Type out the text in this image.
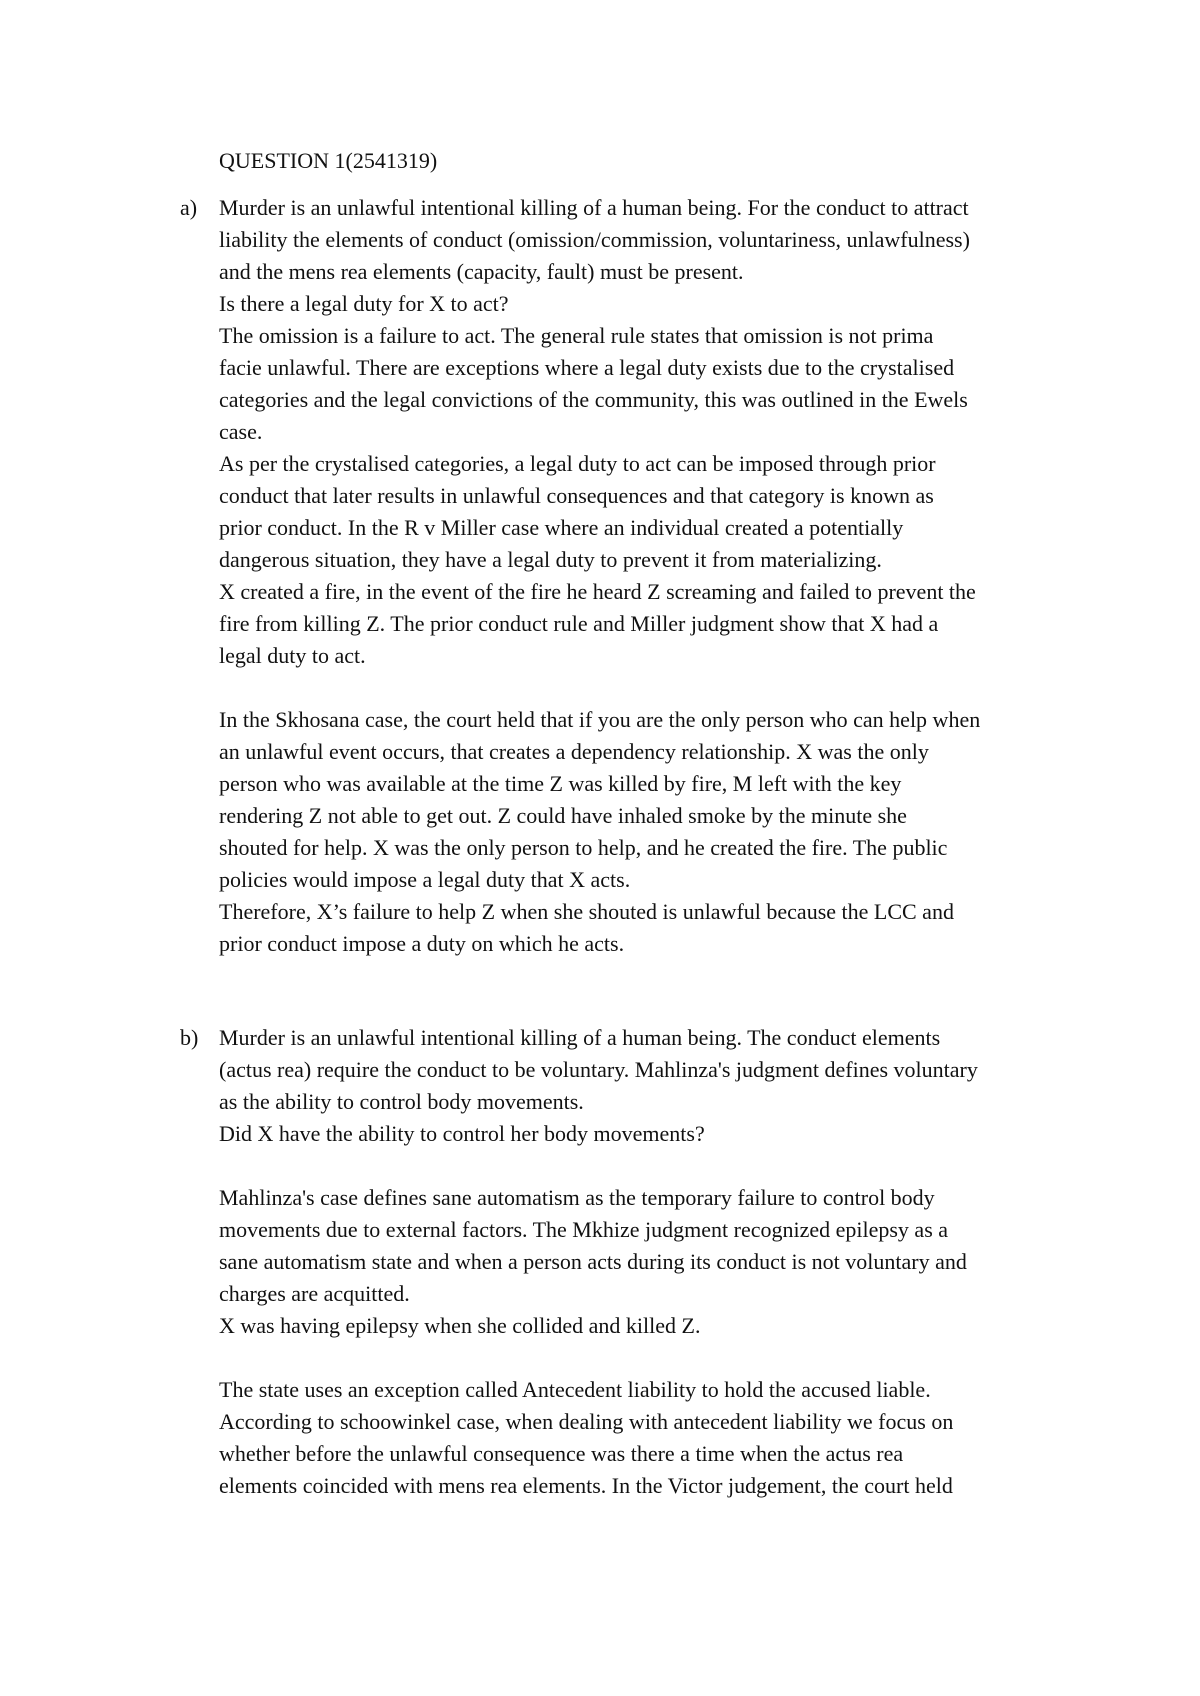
QUESTION 1(2541319)
a) Murder is an unlawful intentional killing of a human being. For the conduct to attract
liability the elements of conduct (omission/commission, voluntariness, unlawfulness)
and the mens rea elements (capacity, fault) must be present.
Is there a legal duty for X to act?
The omission is a failure to act. The general rule states that omission is not prima
facie unlawful. There are exceptions where a legal duty exists due to the crystalised
categories and the legal convictions of the community, this was outlined in the Ewels
case.
As per the crystalised categories, a legal duty to act can be imposed through prior
conduct that later results in unlawful consequences and that category is known as
prior conduct. In the R v Miller case where an individual created a potentially
dangerous situation, they have a legal duty to prevent it from materializing.
X created a fire, in the event of the fire he heard Z screaming and failed to prevent the
fire from killing Z. The prior conduct rule and Miller judgment show that X had a
legal duty to act.
In the Skhosana case, the court held that if you are the only person who can help when
an unlawful event occurs, that creates a dependency relationship. X was the only
person who was available at the time Z was killed by fire, M left with the key
rendering Z not able to get out. Z could have inhaled smoke by the minute she
shouted for help. X was the only person to help, and he created the fire. The public
policies would impose a legal duty that X acts.
Therefore, X’s failure to help Z when she shouted is unlawful because the LCC and
prior conduct impose a duty on which he acts.
b) Murder is an unlawful intentional killing of a human being. The conduct elements
(actus rea) require the conduct to be voluntary. Mahlinza's judgment defines voluntary
as the ability to control body movements.
Did X have the ability to control her body movements?
Mahlinza's case defines sane automatism as the temporary failure to control body
movements due to external factors. The Mkhize judgment recognized epilepsy as a
sane automatism state and when a person acts during its conduct is not voluntary and
charges are acquitted.
X was having epilepsy when she collided and killed Z.
The state uses an exception called Antecedent liability to hold the accused liable.
According to schoowinkel case, when dealing with antecedent liability we focus on
whether before the unlawful consequence was there a time when the actus rea
elements coincided with mens rea elements. In the Victor judgement, the court held
